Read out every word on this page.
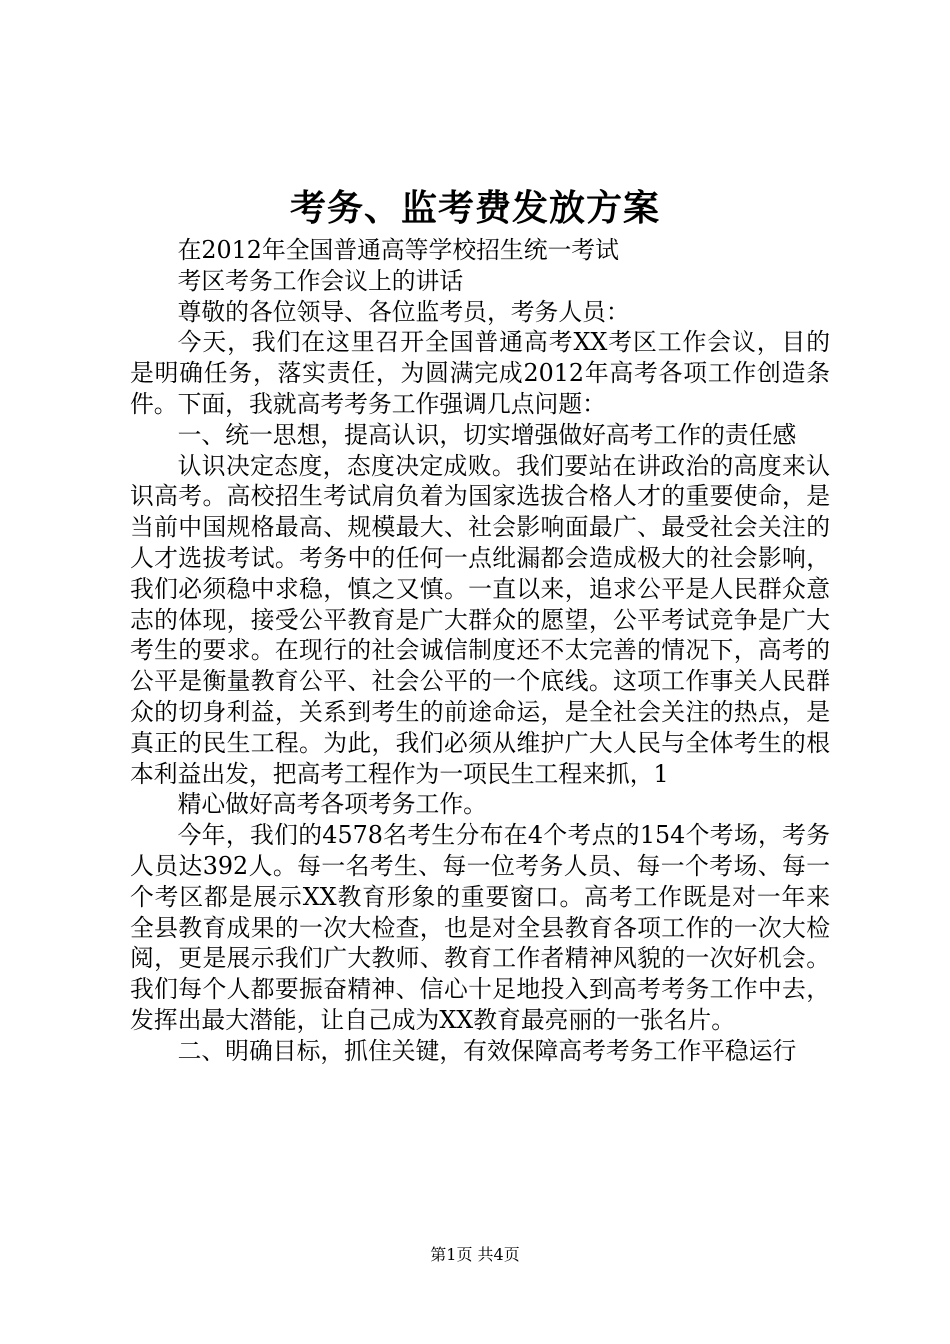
考务、监考费发放方案

在2012年全国普通高等学校招生统一考试

考区考务工作会议上的讲话

尊敬的各位领导、各位监考员，考务人员：

今天，我们在这里召开全国普通高考XX考区工作会议，目的是明确任务，落实责任，为圆满完成2012年高考各项工作创造条件。下面，我就高考考务工作强调几点问题：

一、统一思想，提高认识，切实增强做好高考工作的责任感

认识决定态度，态度决定成败。我们要站在讲政治的高度来认识高考。高校招生考试肩负着为国家选拔合格人才的重要使命，是当前中国规格最高、规模最大、社会影响面最广、最受社会关注的人才选拔考试。考务中的任何一点纰漏都会造成极大的社会影响，我们必须稳中求稳，慎之又慎。一直以来，追求公平是人民群众意志的体现，接受公平教育是广大群众的愿望，公平考试竞争是广大考生的要求。在现行的社会诚信制度还不太完善的情况下，高考的公平是衡量教育公平、社会公平的一个底线。这项工作事关人民群众的切身利益，关系到考生的前途命运，是全社会关注的热点，是真正的民生工程。为此，我们必须从维护广大人民与全体考生的根本利益出发，把高考工程作为一项民生工程来抓，1

精心做好高考各项考务工作。

今年，我们的4578名考生分布在4个考点的154个考场，考务人员达392人。每一名考生、每一位考务人员、每一个考场、每一个考区都是展示XX教育形象的重要窗口。高考工作既是对一年来全县教育成果的一次大检查，也是对全县教育各项工作的一次大检阅，更是展示我们广大教师、教育工作者精神风貌的一次好机会。我们每个人都要振奋精神、信心十足地投入到高考考务工作中去，发挥出最大潜能，让自己成为XX教育最亮丽的一张名片。

二、明确目标，抓住关键，有效保障高考考务工作平稳运行

第1页 共4页
